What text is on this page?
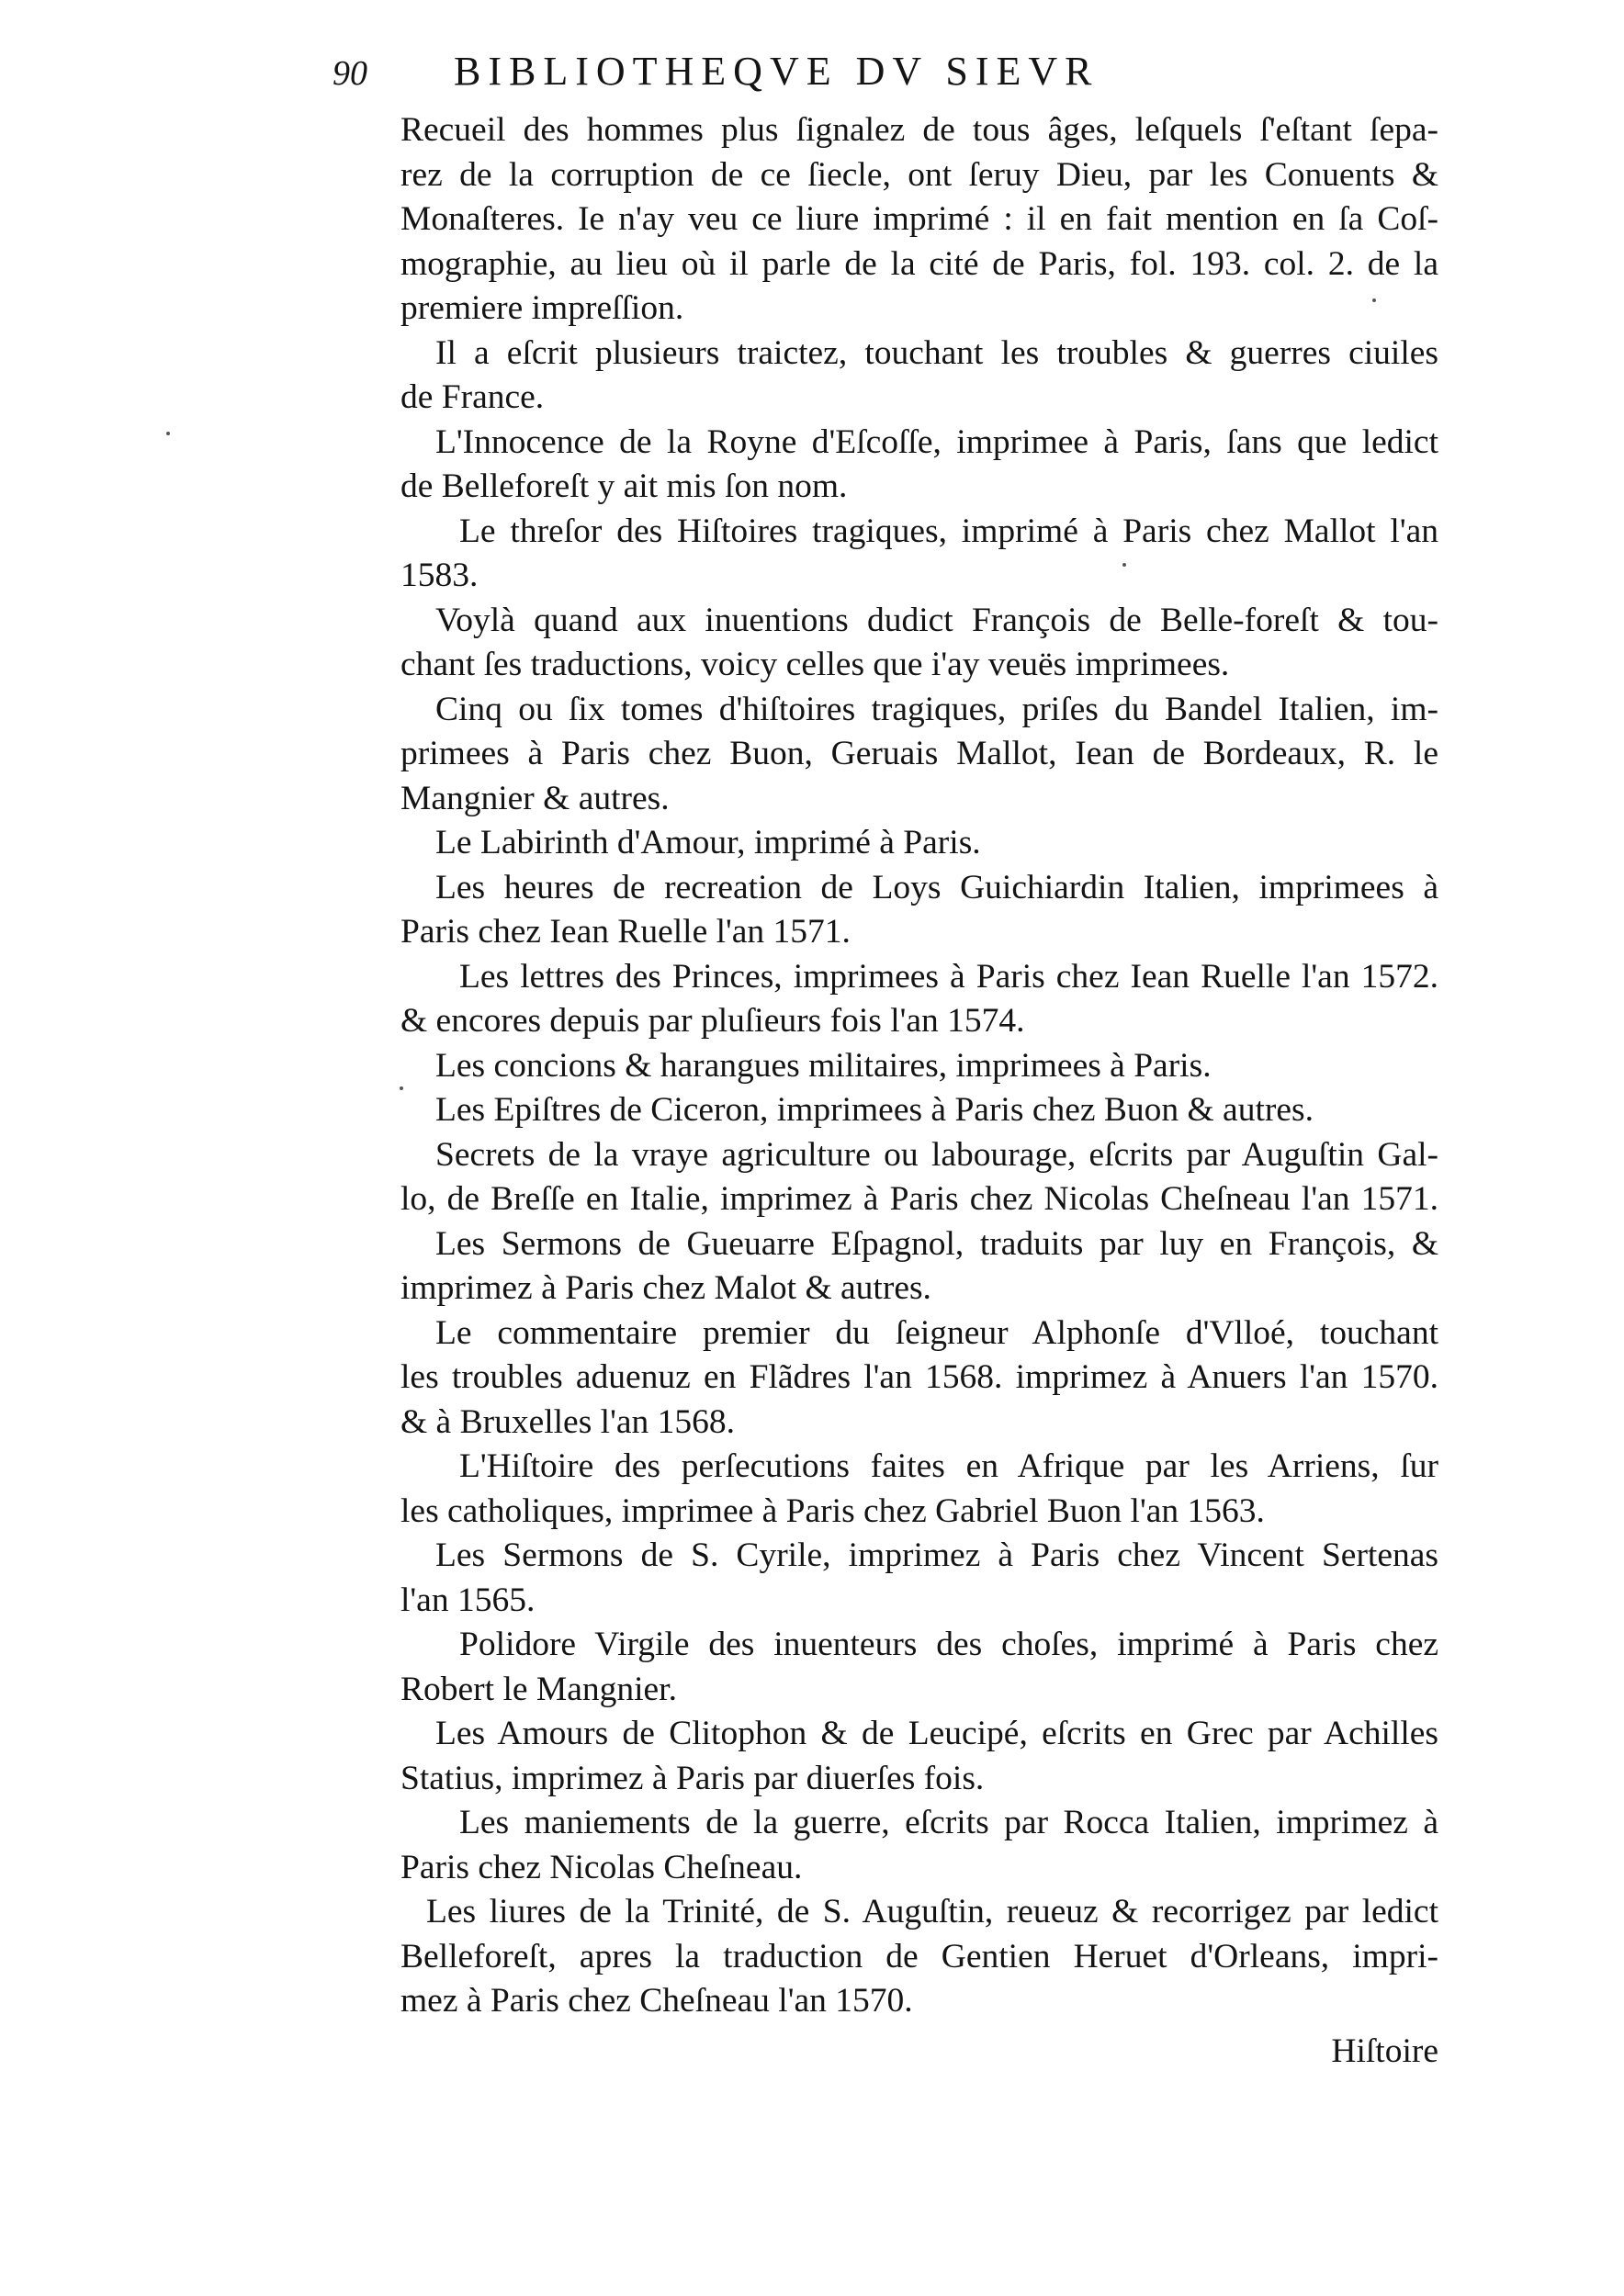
90 BIBLIOTHEQVE DV SIEVR
Recueil des hommes plus ſignalez de tous âges, leſquels ſ'eſtant ſepa-
rez de la corruption de ce ſiecle, ont ſeruy Dieu, par les Conuents &
Monaſteres. Ie n'ay veu ce liure imprimé : il en fait mention en ſa Coſ-
mographie, au lieu où il parle de la cité de Paris, fol. 193. col. 2. de la
premiere impreſſion.
Il a eſcrit plusieurs traictez, touchant les troubles & guerres ciuiles
de France.
L'Innocence de la Royne d'Eſcoſſe, imprimee à Paris, ſans que ledict
de Belleforeſt y ait mis ſon nom.
Le threſor des Hiſtoires tragiques, imprimé à Paris chez Mallot l'an
1583.
Voylà quand aux inuentions dudict François de Belle-foreſt & tou-
chant ſes traductions, voicy celles que i'ay veuës imprimees.
Cinq ou ſix tomes d'hiſtoires tragiques, priſes du Bandel Italien, im-
primees à Paris chez Buon, Geruais Mallot, Iean de Bordeaux, R. le
Mangnier & autres.
Le Labirinth d'Amour, imprimé à Paris.
Les heures de recreation de Loys Guichiardin Italien, imprimees à
Paris chez Iean Ruelle l'an 1571.
Les lettres des Princes, imprimees à Paris chez Iean Ruelle l'an 1572.
& encores depuis par pluſieurs fois l'an 1574.
Les concions & harangues militaires, imprimees à Paris.
Les Epiſtres de Ciceron, imprimees à Paris chez Buon & autres.
Secrets de la vraye agriculture ou labourage, eſcrits par Auguſtin Gal-
lo, de Breſſe en Italie, imprimez à Paris chez Nicolas Cheſneau l'an 1571.
Les Sermons de Gueuarre Eſpagnol, traduits par luy en François, &
imprimez à Paris chez Malot & autres.
Le commentaire premier du ſeigneur Alphonſe d'Vlloé, touchant
les troubles aduenuz en Flãdres l'an 1568. imprimez à Anuers l'an 1570.
& à Bruxelles l'an 1568.
L'Hiſtoire des perſecutions faites en Afrique par les Arriens, ſur
les catholiques, imprimee à Paris chez Gabriel Buon l'an 1563.
Les Sermons de S. Cyrile, imprimez à Paris chez Vincent Sertenas
l'an 1565.
Polidore Virgile des inuenteurs des choſes, imprimé à Paris chez
Robert le Mangnier.
Les Amours de Clitophon & de Leucipé, eſcrits en Grec par Achilles
Statius, imprimez à Paris par diuerſes fois.
Les maniements de la guerre, eſcrits par Rocca Italien, imprimez à
Paris chez Nicolas Cheſneau.
Les liures de la Trinité, de S. Auguſtin, reueuz & recorrigez par ledict
Belleforeſt, apres la traduction de Gentien Heruet d'Orleans, impri-
mez à Paris chez Cheſneau l'an 1570.
Hiſtoire
